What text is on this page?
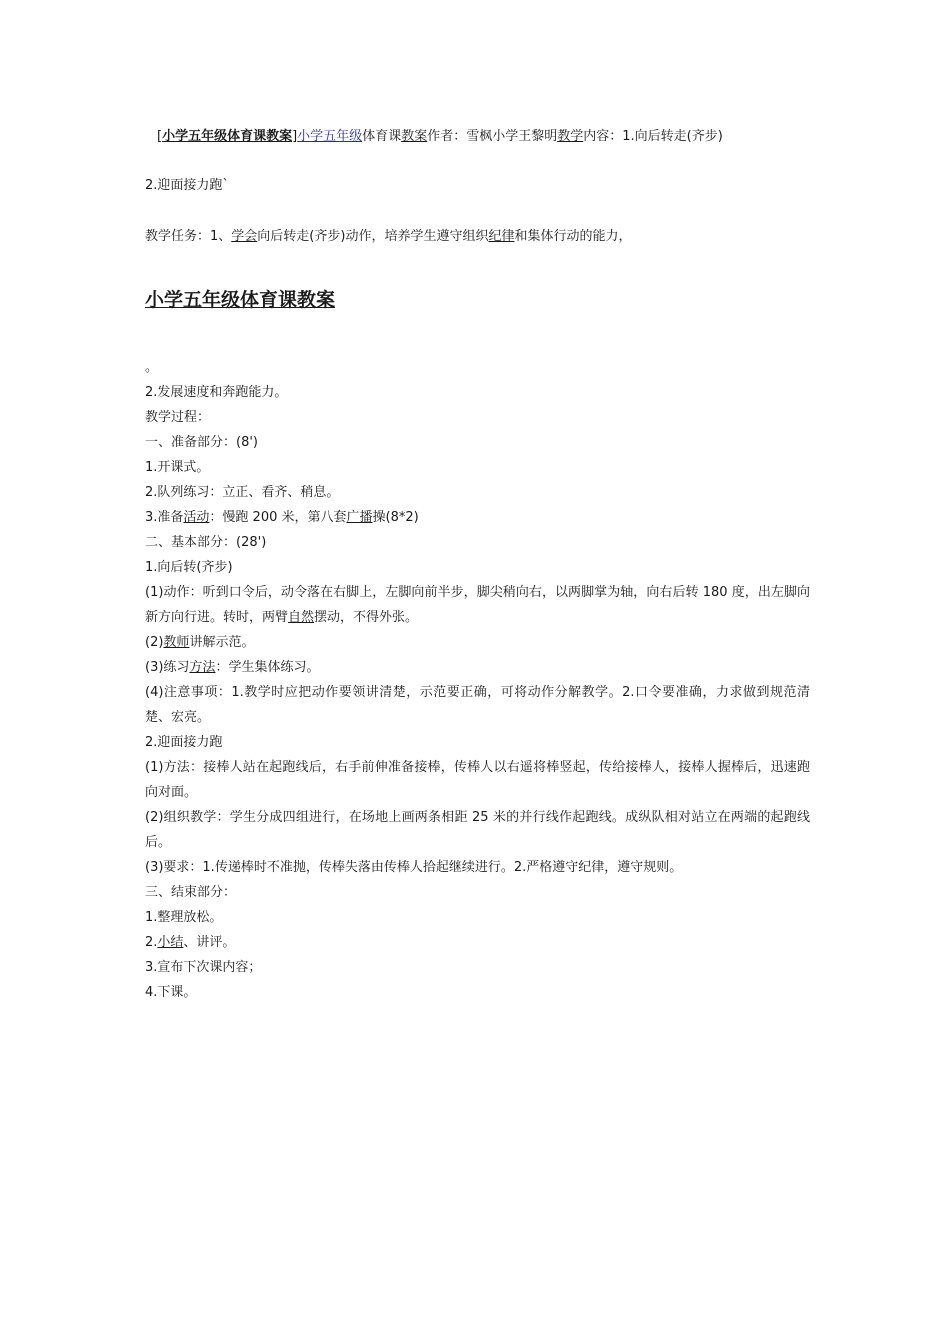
[小学五年级体育课教案]小学五年级体育课教案作者：雪枫小学王黎明教学内容：1.向后转走(齐步)
2.迎面接力跑`
教学任务：1、学会向后转走(齐步)动作，培养学生遵守组织纪律和集体行动的能力，
小学五年级体育课教案
。
2.发展速度和奔跑能力。
教学过程：
一、准备部分：(8')
1.开课式。
2.队列练习：立正、看齐、稍息。
3.准备活动：慢跑 200 米，第八套广播操(8*2)
二、基本部分：(28')
1.向后转(齐步)
(1)动作：听到口令后，动令落在右脚上，左脚向前半步，脚尖稍向右，以两脚掌为轴，向右后转 180 度，出左脚向新方向行进。转时，两臂自然摆动，不得外张。
(2)教师讲解示范。
(3)练习方法：学生集体练习。
(4)注意事项：1.教学时应把动作要领讲清楚，示范要正确，可将动作分解教学。2.口令要准确，力求做到规范清楚、宏亮。
2.迎面接力跑
(1)方法：接棒人站在起跑线后，右手前伸准备接棒，传棒人以右遥将棒竖起，传给接棒人，接棒人握棒后，迅速跑向对面。
(2)组织教学：学生分成四组进行，在场地上画两条相距 25 米的并行线作起跑线。成纵队相对站立在两端的起跑线后。
(3)要求：1.传递棒时不准抛，传棒失落由传棒人拾起继续进行。2.严格遵守纪律，遵守规则。
三、结束部分：
1.整理放松。
2.小结、讲评。
3.宣布下次课内容；
4.下课。
